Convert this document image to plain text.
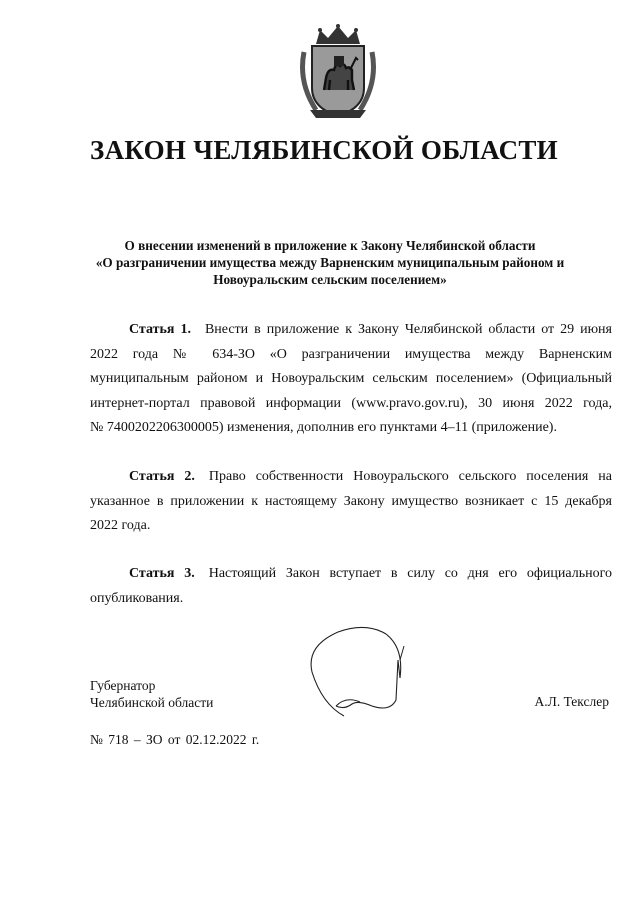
ЗАКОН ЧЕЛЯБИНСКОЙ ОБЛАСТИ
О внесении изменений в приложение к Закону Челябинской области
«О разграничении имущества между Варненским муниципальным районом и
Новоуральским сельским поселением»
Статья 1. Внести в приложение к Закону Челябинской области от 29 июня
2022 года № 634-ЗО «О разграничении имущества между Варненским
муниципальным районом и Новоуральским сельским поселением» (Официальный
интернет-портал правовой информации (www.pravo.gov.ru), 30 июня 2022 года,
№ 7400202206300005) изменения, дополнив его пунктами 4–11 (приложение).
Статья 2. Право собственности Новоуральского сельского поселения на
указанное в приложении к настоящему Закону имущество возникает с 15 декабря
2022 года.
Статья 3. Настоящий Закон вступает в силу со дня его официального
опубликования.
Губернатор
Челябинской области	А.Л. Текслер
№ 718 – ЗО от 02.12.2022 г.
